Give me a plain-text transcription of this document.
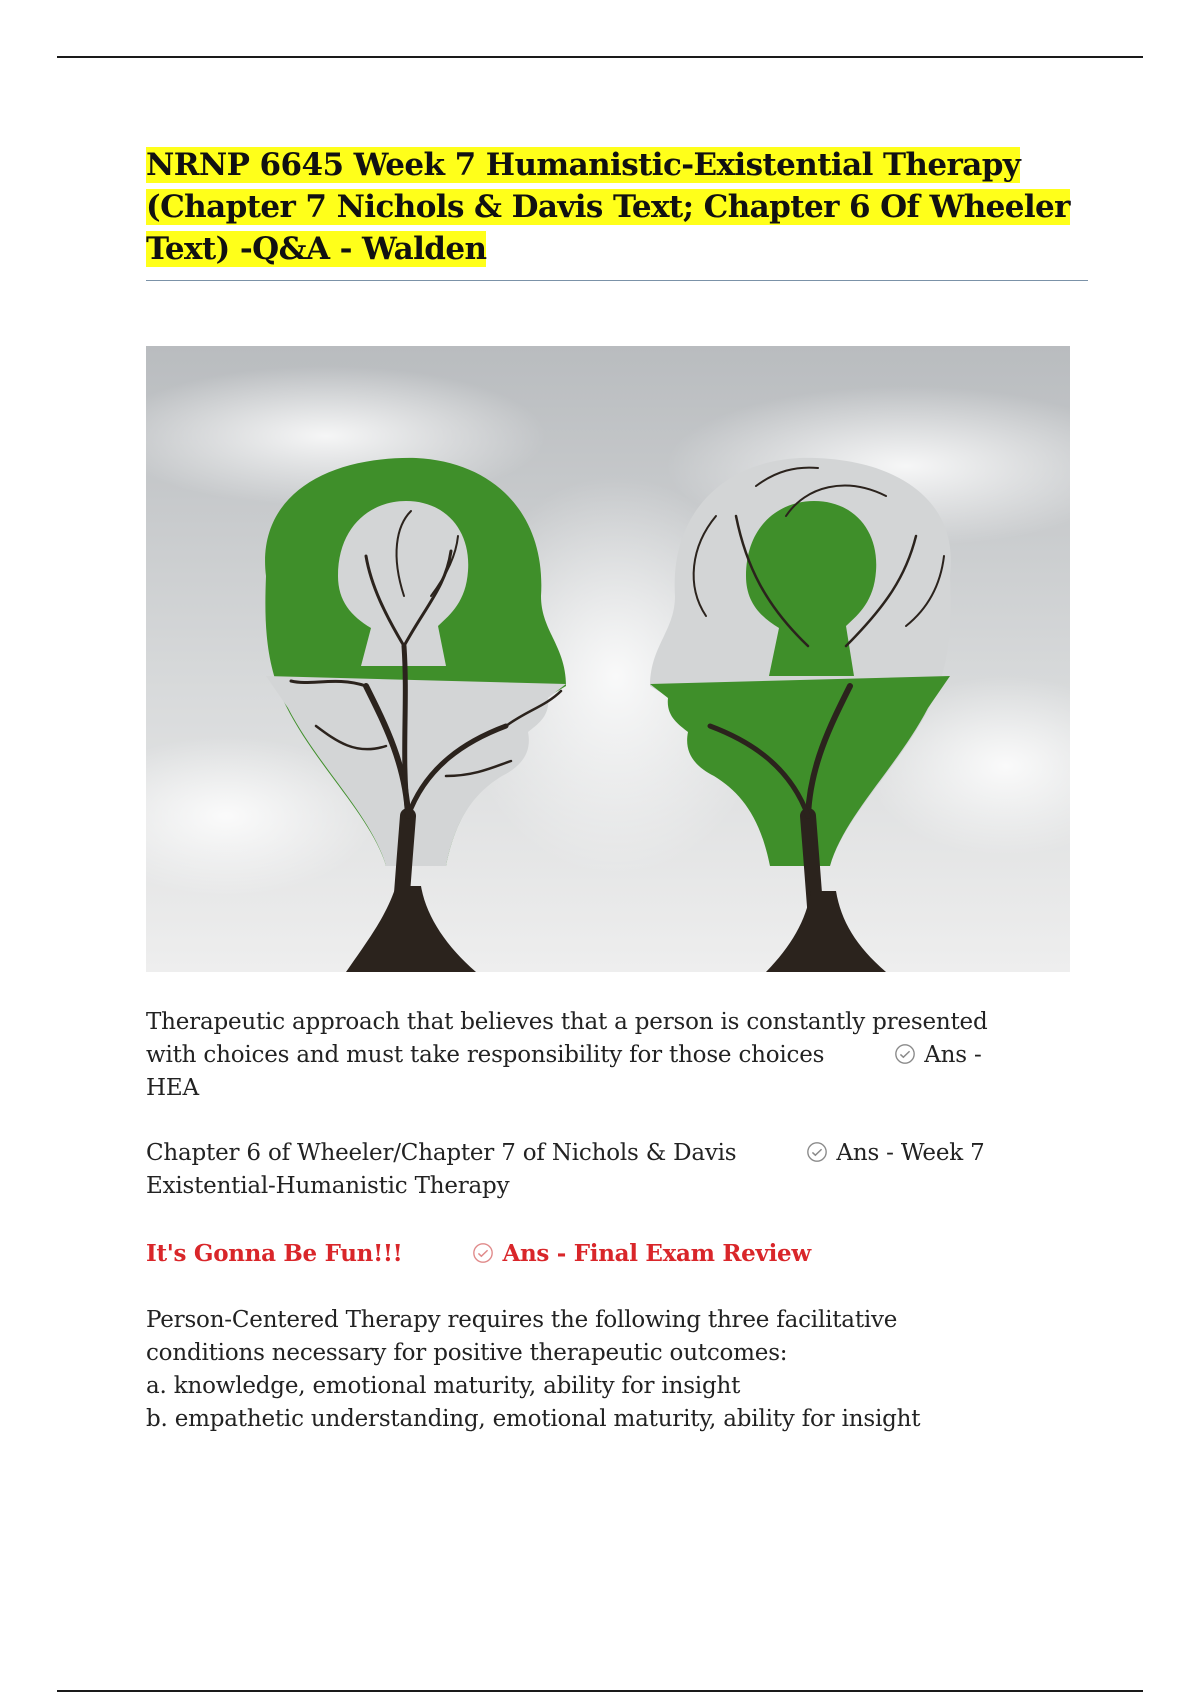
NRNP 6645 Week 7 Humanistic-Existential Therapy
(Chapter 7 Nichols & Davis Text; Chapter 6 Of Wheeler
Text) -Q&A - Walden
Therapeutic approach that believes that a person is constantly presented
with choices and must take responsibility for those choices	Ans -
HEA
Chapter 6 of Wheeler/Chapter 7 of Nichols & Davis	Ans - Week 7
Existential-Humanistic Therapy
It's Gonna Be Fun!!!	Ans - Final Exam Review
Person-Centered Therapy requires the following three facilitative
conditions necessary for positive therapeutic outcomes:
a. knowledge, emotional maturity, ability for insight
b. empathetic understanding, emotional maturity, ability for insight
